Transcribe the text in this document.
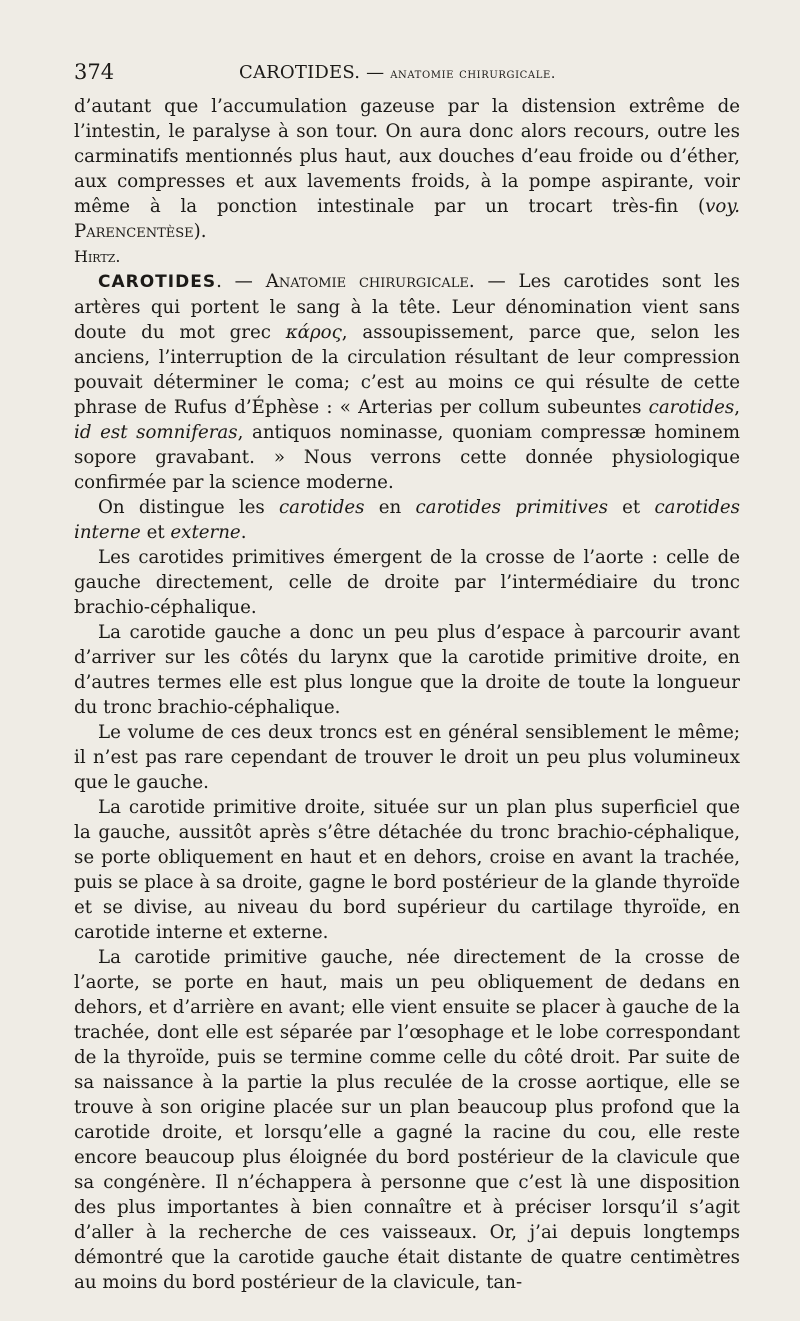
374	CAROTIDES. — anatomie chirurgicale.

d’autant que l’accumulation gazeuse par la distension extrême de l’intestin, le paralyse à son tour. On aura donc alors recours, outre les carminatifs mentionnés plus haut, aux douches d’eau froide ou d’éther, aux compresses et aux lavements froids, à la pompe aspirante, voir même à la ponction intestinale par un trocart très-fin (voy. Parencentèse).

Hirtz.

CAROTIDES. — Anatomie chirurgicale. — Les carotides sont les artères qui portent le sang à la tête. Leur dénomination vient sans doute du mot grec κάρος, assoupissement, parce que, selon les anciens, l’interruption de la circulation résultant de leur compression pouvait déterminer le coma; c’est au moins ce qui résulte de cette phrase de Rufus d’Éphèse : « Arterias per collum subeuntes carotides, id est somniferas, antiquos nominasse, quoniam compressæ hominem sopore gravabant. » Nous verrons cette donnée physiologique confirmée par la science moderne.

On distingue les carotides en carotides primitives et carotides interne et externe.

Les carotides primitives émergent de la crosse de l’aorte : celle de gauche directement, celle de droite par l’intermédiaire du tronc brachio-céphalique.

La carotide gauche a donc un peu plus d’espace à parcourir avant d’arriver sur les côtés du larynx que la carotide primitive droite, en d’autres termes elle est plus longue que la droite de toute la longueur du tronc brachio-céphalique.

Le volume de ces deux troncs est en général sensiblement le même; il n’est pas rare cependant de trouver le droit un peu plus volumineux que le gauche.

La carotide primitive droite, située sur un plan plus superficiel que la gauche, aussitôt après s’être détachée du tronc brachio-céphalique, se porte obliquement en haut et en dehors, croise en avant la trachée, puis se place à sa droite, gagne le bord postérieur de la glande thyroïde et se divise, au niveau du bord supérieur du cartilage thyroïde, en carotide interne et externe.

La carotide primitive gauche, née directement de la crosse de l’aorte, se porte en haut, mais un peu obliquement de dedans en dehors, et d’arrière en avant; elle vient ensuite se placer à gauche de la trachée, dont elle est séparée par l’œsophage et le lobe correspondant de la thyroïde, puis se termine comme celle du côté droit. Par suite de sa naissance à la partie la plus reculée de la crosse aortique, elle se trouve à son origine placée sur un plan beaucoup plus profond que la carotide droite, et lorsqu’elle a gagné la racine du cou, elle reste encore beaucoup plus éloignée du bord postérieur de la clavicule que sa congénère. Il n’échappera à personne que c’est là une disposition des plus importantes à bien connaître et à préciser lorsqu’il s’agit d’aller à la recherche de ces vaisseaux. Or, j’ai depuis longtemps démontré que la carotide gauche était distante de quatre centimètres au moins du bord postérieur de la clavicule, tan-
